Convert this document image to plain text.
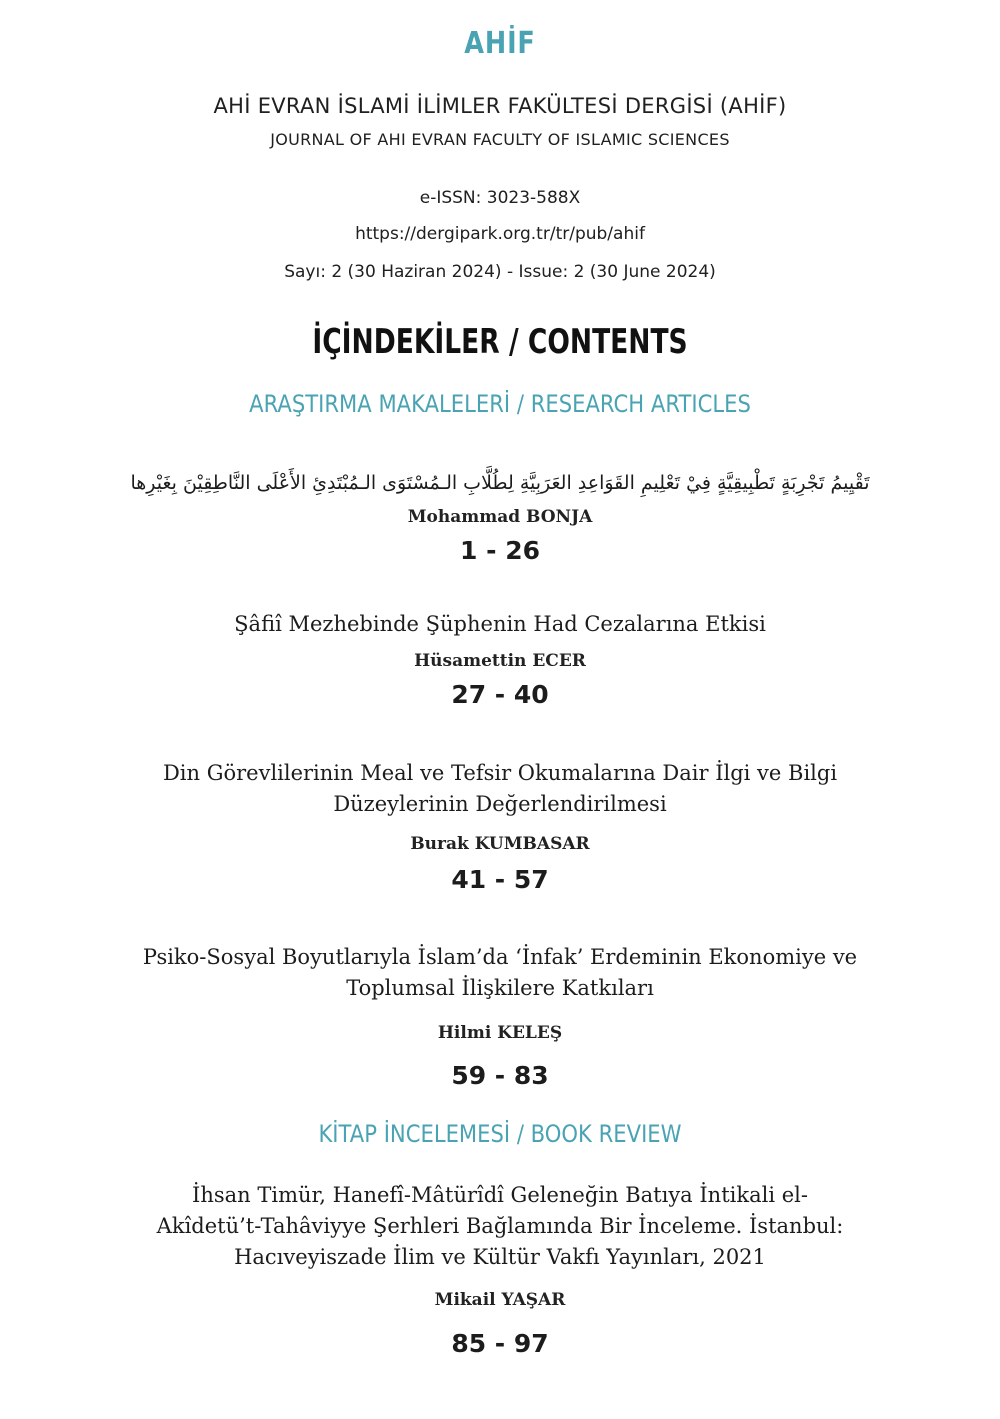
AHİF
AHİ EVRAN İSLAMİ İLİMLER FAKÜLTESİ DERGİSİ (AHİF)
JOURNAL OF AHI EVRAN FACULTY OF ISLAMIC SCIENCES
e-ISSN: 3023-588X
https://dergipark.org.tr/tr/pub/ahif
Sayı: 2 (30 Haziran 2024) - Issue: 2 (30 June 2024)
İÇİNDEKİLER / CONTENTS
ARAŞTIRMA MAKALELERİ / RESEARCH ARTICLES
تَقْيِيمُ تَجْرِبَةٍ تَطْبِيقِيَّةٍ فِيْ تَعْلِيمِ القَوَاعِدِ العَرَبِيَّةِ لِطُلَّابِ الـمُسْتَوَى الـمُبْتَدِئِ الأَعْلَى النَّاطِقِيْنَ بِغَيْرِها
Mohammad BONJA
1 - 26
Şâfiî Mezhebinde Şüphenin Had Cezalarına Etkisi
Hüsamettin ECER
27 - 40
Din Görevlilerinin Meal ve Tefsir Okumalarına Dair İlgi ve Bilgi Düzeylerinin Değerlendirilmesi
Burak KUMBASAR
41 - 57
Psiko-Sosyal Boyutlarıyla İslam’da ‘İnfak’ Erdeminin Ekonomiye ve Toplumsal İlişkilere Katkıları
Hilmi KELEŞ
59 - 83
KİTAP İNCELEMESİ / BOOK REVIEW
İhsan Timür, Hanefî-Mâtürîdî Geleneğin Batıya İntikali el-Akîdetü’t-Tahâviyye Şerhleri Bağlamında Bir İnceleme. İstanbul: Hacıveyiszade İlim ve Kültür Vakfı Yayınları, 2021
Mikail YAŞAR
85 - 97
